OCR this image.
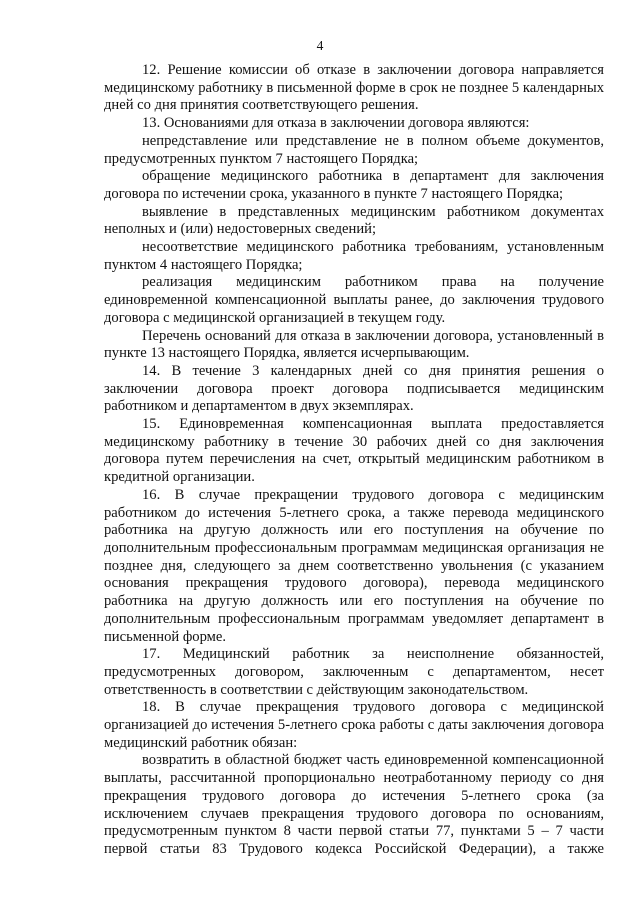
4

12. Решение комиссии об отказе в заключении договора направляется медицинскому работнику в письменной форме в срок не позднее 5 календарных дней со дня принятия соответствующего решения.

13. Основаниями для отказа в заключении договора являются:

непредставление или представление не в полном объеме документов, предусмотренных пунктом 7 настоящего Порядка;

обращение медицинского работника в департамент для заключения договора по истечении срока, указанного в пункте 7 настоящего Порядка;

выявление в представленных медицинским работником документах неполных и (или) недостоверных сведений;

несоответствие медицинского работника требованиям, установленным пунктом 4 настоящего Порядка;

реализация медицинским работником права на получение единовременной компенсационной выплаты ранее, до заключения трудового договора с медицинской организацией в текущем году.

Перечень оснований для отказа в заключении договора, установленный в пункте 13 настоящего Порядка, является исчерпывающим.

14. В течение 3 календарных дней со дня принятия решения о заключении договора проект договора подписывается медицинским работником и департаментом в двух экземплярах.

15. Единовременная компенсационная выплата предоставляется медицинскому работнику в течение 30 рабочих дней со дня заключения договора путем перечисления на счет, открытый медицинским работником в кредитной организации.

16. В случае прекращении трудового договора с медицинским работником до истечения 5-летнего срока, а также перевода медицинского работника на другую должность или его поступления на обучение по дополнительным профессиональным программам медицинская организация не позднее дня, следующего за днем соответственно увольнения (с указанием основания прекращения трудового договора), перевода медицинского работника на другую должность или его поступления на обучение по дополнительным профессиональным программам уведомляет департамент в письменной форме.

17. Медицинский работник за неисполнение обязанностей, предусмотренных договором, заключенным с департаментом, несет ответственность в соответствии с действующим законодательством.

18. В случае прекращения трудового договора с медицинской организацией до истечения 5-летнего срока работы с даты заключения договора медицинский работник обязан:

возвратить в областной бюджет часть единовременной компенсационной выплаты, рассчитанной пропорционально неотработанному периоду со дня прекращения трудового договора до истечения 5-летнего срока (за исключением случаев прекращения трудового договора по основаниям, предусмотренным пунктом 8 части первой статьи 77, пунктами 5 – 7 части первой статьи 83 Трудового кодекса Российской Федерации), а также
